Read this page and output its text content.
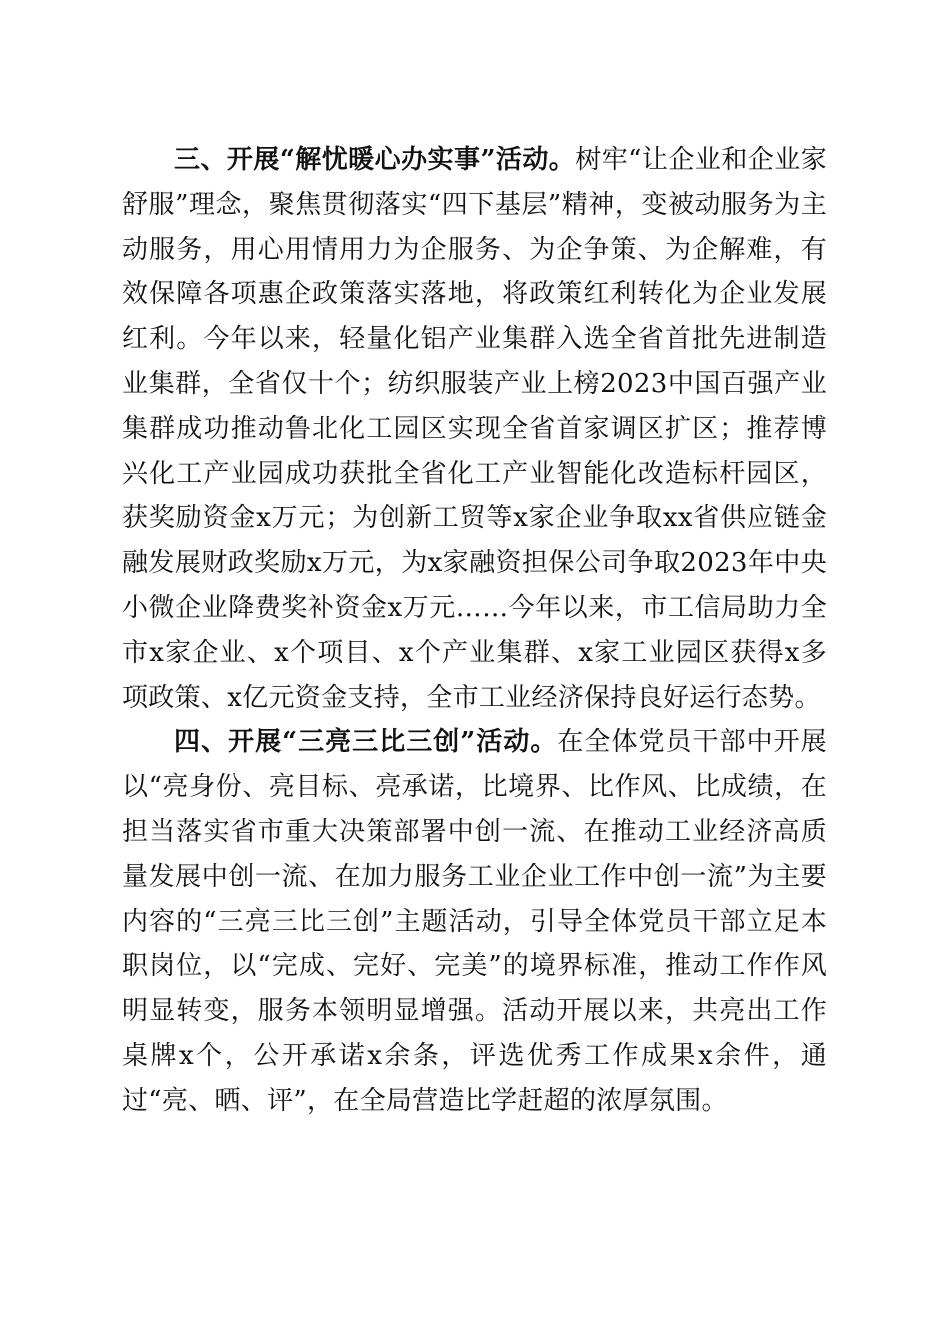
三、开展“解忧暖心办实事”活动。树牢“让企业和企业家舒服”理念，聚焦贯彻落实“四下基层”精神，变被动服务为主动服务，用心用情用力为企服务、为企争策、为企解难，有效保障各项惠企政策落实落地，将政策红利转化为企业发展红利。今年以来，轻量化铝产业集群入选全省首批先进制造业集群，全省仅十个；纺织服装产业上榜2023中国百强产业集群成功推动鲁北化工园区实现全省首家调区扩区；推荐博兴化工产业园成功获批全省化工产业智能化改造标杆园区，获奖励资金x万元；为创新工贸等x家企业争取xx省供应链金融发展财政奖励x万元，为x家融资担保公司争取2023年中央小微企业降费奖补资金x万元……今年以来，市工信局助力全市x家企业、x个项目、x个产业集群、x家工业园区获得x多项政策、x亿元资金支持，全市工业经济保持良好运行态势。

四、开展“三亮三比三创”活动。在全体党员干部中开展以“亮身份、亮目标、亮承诺，比境界、比作风、比成绩，在担当落实省市重大决策部署中创一流、在推动工业经济高质量发展中创一流、在加力服务工业企业工作中创一流”为主要内容的“三亮三比三创”主题活动，引导全体党员干部立足本职岗位，以“完成、完好、完美”的境界标准，推动工作作风明显转变，服务本领明显增强。活动开展以来，共亮出工作桌牌x个，公开承诺x余条，评选优秀工作成果x余件，通过“亮、晒、评”，在全局营造比学赶超的浓厚氛围。
